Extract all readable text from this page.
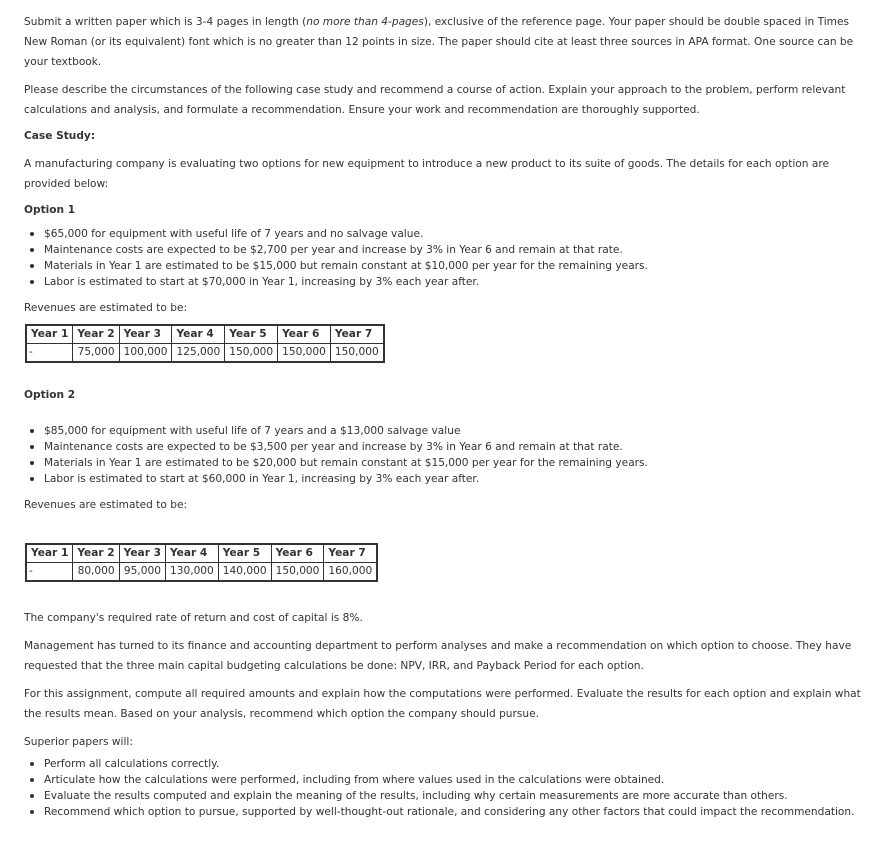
Submit a written paper which is 3-4 pages in length (no more than 4-pages), exclusive of the reference page. Your paper should be double spaced in Times New Roman (or its equivalent) font which is no greater than 12 points in size. The paper should cite at least three sources in APA format. One source can be your textbook.

Please describe the circumstances of the following case study and recommend a course of action. Explain your approach to the problem, perform relevant calculations and analysis, and formulate a recommendation. Ensure your work and recommendation are thoroughly supported.

Case Study:

A manufacturing company is evaluating two options for new equipment to introduce a new product to its suite of goods. The details for each option are provided below:

Option 1
$65,000 for equipment with useful life of 7 years and no salvage value.
Maintenance costs are expected to be $2,700 per year and increase by 3% in Year 6 and remain at that rate.
Materials in Year 1 are estimated to be $15,000 but remain constant at $10,000 per year for the remaining years.
Labor is estimated to start at $70,000 in Year 1, increasing by 3% each year after.

Revenues are estimated to be:

Year 1	Year 2	Year 3	Year 4	Year 5	Year 6	Year 7
-	75,000	100,000	125,000	150,000	150,000	150,000
Option 2
$85,000 for equipment with useful life of 7 years and a $13,000 salvage value
Maintenance costs are expected to be $3,500 per year and increase by 3% in Year 6 and remain at that rate.
Materials in Year 1 are estimated to be $20,000 but remain constant at $15,000 per year for the remaining years.
Labor is estimated to start at $60,000 in Year 1, increasing by 3% each year after.

Revenues are estimated to be:

Year 1	Year 2	Year 3	Year 4	Year 5	Year 6	Year 7
-	80,000	95,000	130,000	140,000	150,000	160,000

The company's required rate of return and cost of capital is 8%.

Management has turned to its finance and accounting department to perform analyses and make a recommendation on which option to choose. They have requested that the three main capital budgeting calculations be done: NPV, IRR, and Payback Period for each option.

For this assignment, compute all required amounts and explain how the computations were performed. Evaluate the results for each option and explain what the results mean. Based on your analysis, recommend which option the company should pursue.

Superior papers will:

Perform all calculations correctly.
Articulate how the calculations were performed, including from where values used in the calculations were obtained.
Evaluate the results computed and explain the meaning of the results, including why certain measurements are more accurate than others.
Recommend which option to pursue, supported by well-thought-out rationale, and considering any other factors that could impact the recommendation.
